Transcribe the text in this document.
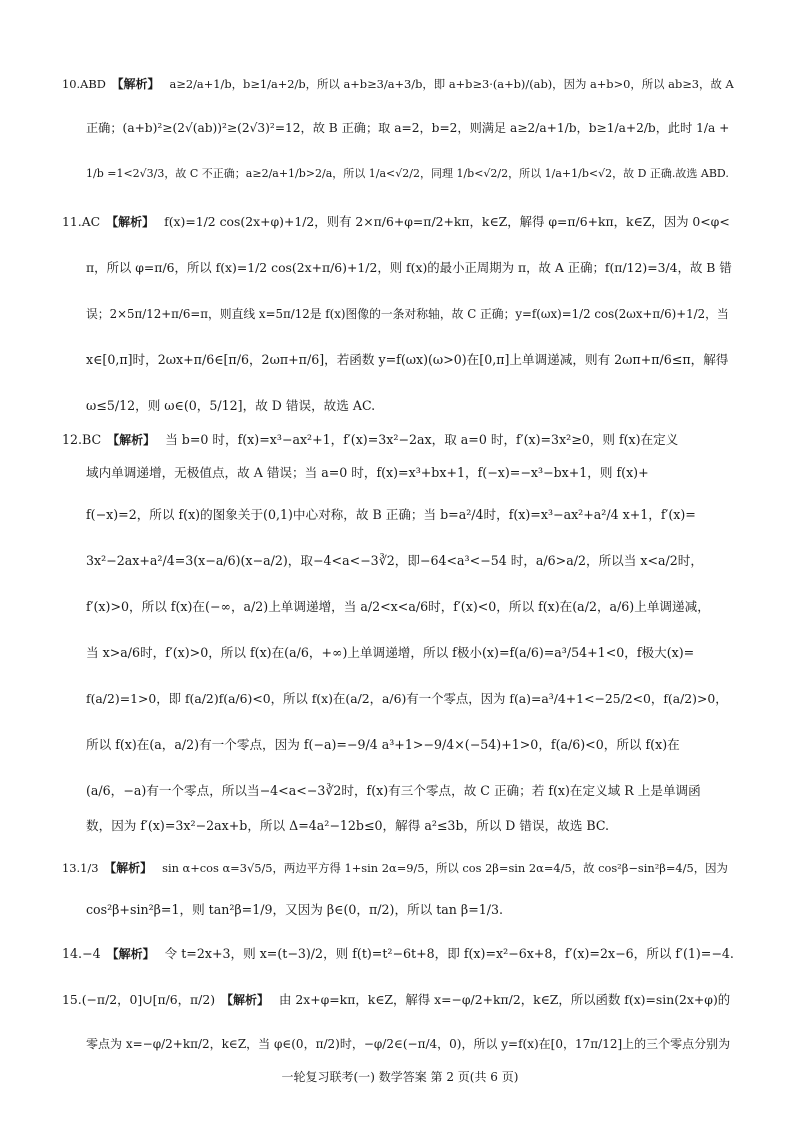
10.ABD 【解析】 a≥2/a+1/b，b≥1/a+2/b，所以 a+b≥3/a+3/b，即 a+b≥3·(a+b)/(ab)，因为 a+b>0，所以 ab≥3，故 A
正确；(a+b)²≥(2√(ab))²≥(2√3)²=12，故 B 正确；取 a=2，b=2，则满足 a≥2/a+1/b，b≥1/a+2/b，此时 1/a +
1/b =1<2√3/3，故 C 不正确；a≥2/a+1/b>2/a，所以 1/a<√2/2，同理 1/b<√2/2，所以 1/a+1/b<√2，故 D 正确.故选 ABD.
11.AC 【解析】 f(x)=1/2 cos(2x+φ)+1/2，则有 2×π/6+φ=π/2+kπ，k∈Z，解得 φ=π/6+kπ，k∈Z，因为 0<φ<
π，所以 φ=π/6，所以 f(x)=1/2 cos(2x+π/6)+1/2，则 f(x)的最小正周期为 π，故 A 正确；f(π/12)=3/4，故 B 错
误；2×5π/12+π/6=π，则直线 x=5π/12是 f(x)图像的一条对称轴，故 C 正确；y=f(ωx)=1/2 cos(2ωx+π/6)+1/2，当
x∈[0,π]时，2ωx+π/6∈[π/6，2ωπ+π/6]，若函数 y=f(ωx)(ω>0)在[0,π]上单调递减，则有 2ωπ+π/6≤π，解得
ω≤5/12，则 ω∈(0，5/12]，故 D 错误，故选 AC.
12.BC 【解析】 当 b=0 时，f(x)=x³−ax²+1，f′(x)=3x²−2ax，取 a=0 时，f′(x)=3x²≥0，则 f(x)在定义
域内单调递增，无极值点，故 A 错误；当 a=0 时，f(x)=x³+bx+1，f(−x)=−x³−bx+1，则 f(x)+
f(−x)=2，所以 f(x)的图象关于(0,1)中心对称，故 B 正确；当 b=a²/4时，f(x)=x³−ax²+a²/4 x+1，f′(x)=
3x²−2ax+a²/4=3(x−a/6)(x−a/2)，取−4<a<−3∛2，即−64<a³<−54 时，a/6>a/2，所以当 x<a/2时，
f′(x)>0，所以 f(x)在(−∞，a/2)上单调递增，当 a/2<x<a/6时，f′(x)<0，所以 f(x)在(a/2，a/6)上单调递减，
当 x>a/6时，f′(x)>0，所以 f(x)在(a/6，+∞)上单调递增，所以 f极小(x)=f(a/6)=a³/54+1<0，f极大(x)=
f(a/2)=1>0，即 f(a/2)f(a/6)<0，所以 f(x)在(a/2，a/6)有一个零点，因为 f(a)=a³/4+1<−25/2<0，f(a/2)>0，
所以 f(x)在(a，a/2)有一个零点，因为 f(−a)=−9/4 a³+1>−9/4×(−54)+1>0，f(a/6)<0，所以 f(x)在
(a/6，−a)有一个零点，所以当−4<a<−3∛2时，f(x)有三个零点，故 C 正确；若 f(x)在定义域 R 上是单调函
数，因为 f′(x)=3x²−2ax+b，所以 Δ=4a²−12b≤0，解得 a²≤3b，所以 D 错误，故选 BC.
13.1/3 【解析】 sin α+cos α=3√5/5，两边平方得 1+sin 2α=9/5，所以 cos 2β=sin 2α=4/5，故 cos²β−sin²β=4/5，因为
cos²β+sin²β=1，则 tan²β=1/9，又因为 β∈(0，π/2)，所以 tan β=1/3.
14.−4 【解析】 令 t=2x+3，则 x=(t−3)/2，则 f(t)=t²−6t+8，即 f(x)=x²−6x+8，f′(x)=2x−6，所以 f′(1)=−4.
15.(−π/2，0]∪[π/6，π/2) 【解析】 由 2x+φ=kπ，k∈Z，解得 x=−φ/2+kπ/2，k∈Z，所以函数 f(x)=sin(2x+φ)的
零点为 x=−φ/2+kπ/2，k∈Z，当 φ∈(0，π/2)时，−φ/2∈(−π/4，0)，所以 y=f(x)在[0，17π/12]上的三个零点分别为
一轮复习联考(一) 数学答案 第 2 页(共 6 页)
